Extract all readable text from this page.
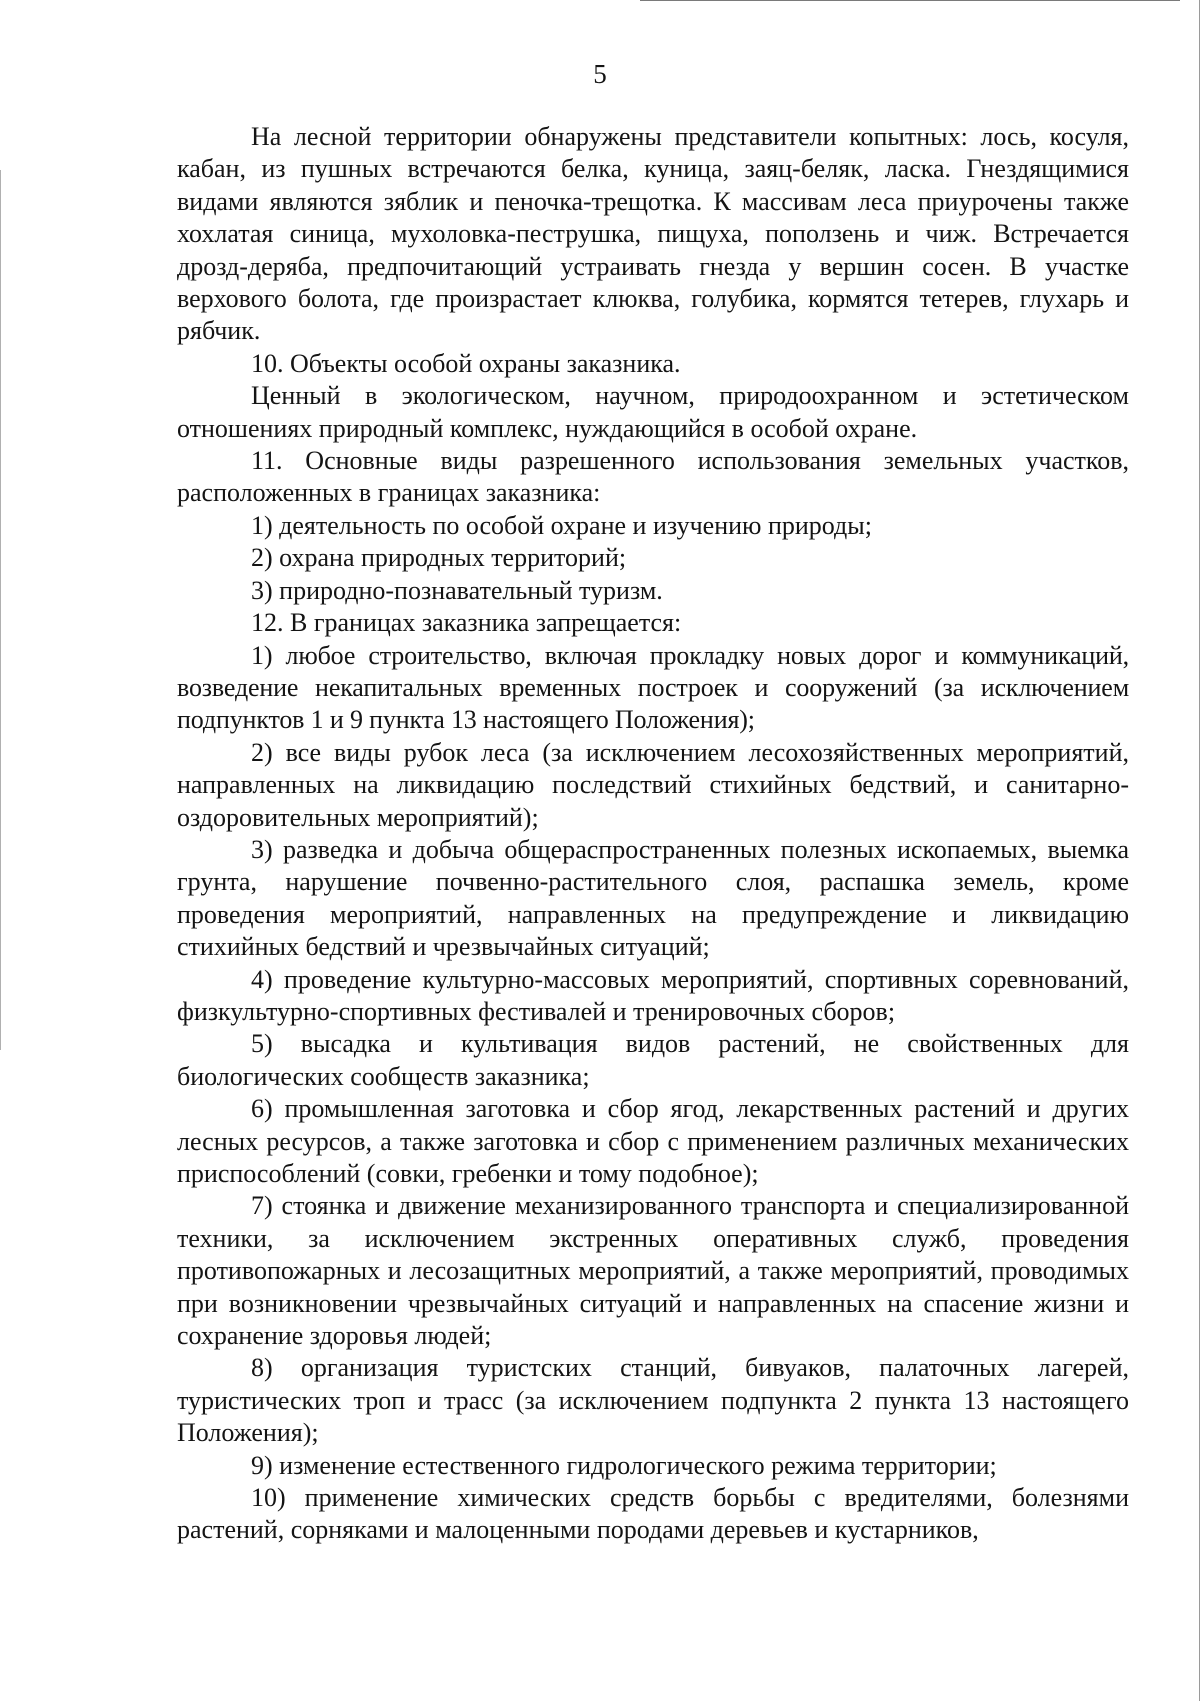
5

На лесной территории обнаружены представители копытных: лось, косуля, кабан, из пушных встречаются белка, куница, заяц-беляк, ласка. Гнездящимися видами являются зяблик и пеночка-трещотка. К массивам леса приурочены также хохлатая синица, мухоловка-пеструшка, пищуха, поползень и чиж. Встречается дрозд-деряба, предпочитающий устраивать гнезда у вершин сосен. В участке верхового болота, где произрастает клюква, голубика, кормятся тетерев, глухарь и рябчик.

10. Объекты особой охраны заказника.

Ценный в экологическом, научном, природоохранном и эстетическом отношениях природный комплекс, нуждающийся в особой охране.

11. Основные виды разрешенного использования земельных участков, расположенных в границах заказника:

1) деятельность по особой охране и изучению природы;

2) охрана природных территорий;

3) природно-познавательный туризм.

12. В границах заказника запрещается:

1) любое строительство, включая прокладку новых дорог и коммуникаций, возведение некапитальных временных построек и сооружений (за исключением подпунктов 1 и 9 пункта 13 настоящего Положения);

2) все виды рубок леса (за исключением лесохозяйственных мероприятий, направленных на ликвидацию последствий стихийных бедствий, и санитарно-оздоровительных мероприятий);

3) разведка и добыча общераспространенных полезных ископаемых, выемка грунта, нарушение почвенно-растительного слоя, распашка земель, кроме проведения мероприятий, направленных на предупреждение и ликвидацию стихийных бедствий и чрезвычайных ситуаций;

4) проведение культурно-массовых мероприятий, спортивных соревнований, физкультурно-спортивных фестивалей и тренировочных сборов;

5) высадка и культивация видов растений, не свойственных для биологических сообществ заказника;

6) промышленная заготовка и сбор ягод, лекарственных растений и других лесных ресурсов, а также заготовка и сбор с применением различных механических приспособлений (совки, гребенки и тому подобное);

7) стоянка и движение механизированного транспорта и специализированной техники, за исключением экстренных оперативных служб, проведения противопожарных и лесозащитных мероприятий, а также мероприятий, проводимых при возникновении чрезвычайных ситуаций и направленных на спасение жизни и сохранение здоровья людей;

8) организация туристских станций, бивуаков, палаточных лагерей, туристических троп и трасс (за исключением подпункта 2 пункта 13 настоящего Положения);

9) изменение естественного гидрологического режима территории;

10) применение химических средств борьбы с вредителями, болезнями растений, сорняками и малоценными породами деревьев и кустарников,
